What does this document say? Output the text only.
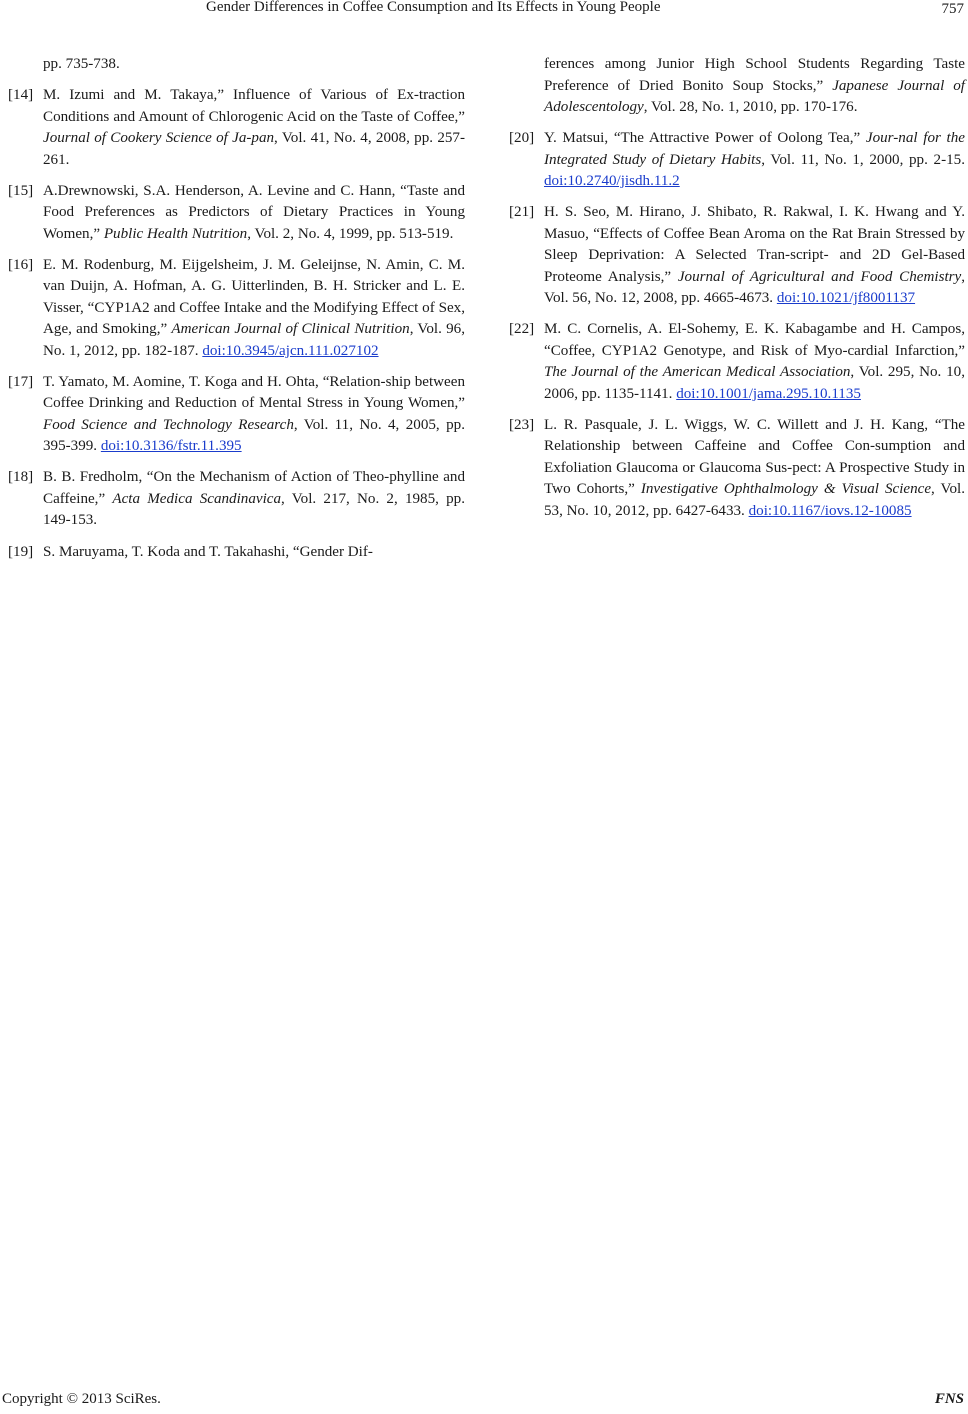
Gender Differences in Coffee Consumption and Its Effects in Young People	757
pp. 735-738.
[14] M. Izumi and M. Takaya,” Influence of Various of Ex-traction Conditions and Amount of Chlorogenic Acid on the Taste of Coffee,” Journal of Cookery Science of Ja-pan, Vol. 41, No. 4, 2008, pp. 257-261.
[15] A.Drewnowski, S.A. Henderson, A. Levine and C. Hann, “Taste and Food Preferences as Predictors of Dietary Practices in Young Women,” Public Health Nutrition, Vol. 2, No. 4, 1999, pp. 513-519.
[16] E. M. Rodenburg, M. Eijgelsheim, J. M. Geleijnse, N. Amin, C. M. van Duijn, A. Hofman, A. G. Uitterlinden, B. H. Stricker and L. E. Visser, “CYP1A2 and Coffee Intake and the Modifying Effect of Sex, Age, and Smoking,” American Journal of Clinical Nutrition, Vol. 96, No. 1, 2012, pp. 182-187. doi:10.3945/ajcn.111.027102
[17] T. Yamato, M. Aomine, T. Koga and H. Ohta, “Relation-ship between Coffee Drinking and Reduction of Mental Stress in Young Women,” Food Science and Technology Research, Vol. 11, No. 4, 2005, pp. 395-399. doi:10.3136/fstr.11.395
[18] B. B. Fredholm, “On the Mechanism of Action of Theo-phylline and Caffeine,” Acta Medica Scandinavica, Vol. 217, No. 2, 1985, pp. 149-153.
[19] S. Maruyama, T. Koda and T. Takahashi, “Gender Dif-
ferences among Junior High School Students Regarding Taste Preference of Dried Bonito Soup Stocks,” Japanese Journal of Adolescentology, Vol. 28, No. 1, 2010, pp. 170-176.
[20] Y. Matsui, “The Attractive Power of Oolong Tea,” Jour-nal for the Integrated Study of Dietary Habits, Vol. 11, No. 1, 2000, pp. 2-15. doi:10.2740/jisdh.11.2
[21] H. S. Seo, M. Hirano, J. Shibato, R. Rakwal, I. K. Hwang and Y. Masuo, “Effects of Coffee Bean Aroma on the Rat Brain Stressed by Sleep Deprivation: A Selected Tran-script- and 2D Gel-Based Proteome Analysis,” Journal of Agricultural and Food Chemistry, Vol. 56, No. 12, 2008, pp. 4665-4673. doi:10.1021/jf8001137
[22] M. C. Cornelis, A. El-Sohemy, E. K. Kabagambe and H. Campos, “Coffee, CYP1A2 Genotype, and Risk of Myo-cardial Infarction,” The Journal of the American Medical Association, Vol. 295, No. 10, 2006, pp. 1135-1141. doi:10.1001/jama.295.10.1135
[23] L. R. Pasquale, J. L. Wiggs, W. C. Willett and J. H. Kang, “The Relationship between Caffeine and Coffee Con-sumption and Exfoliation Glaucoma or Glaucoma Sus-pect: A Prospective Study in Two Cohorts,” Investigative Ophthalmology & Visual Science, Vol. 53, No. 10, 2012, pp. 6427-6433. doi:10.1167/iovs.12-10085
Copyright © 2013 SciRes.	FNS
